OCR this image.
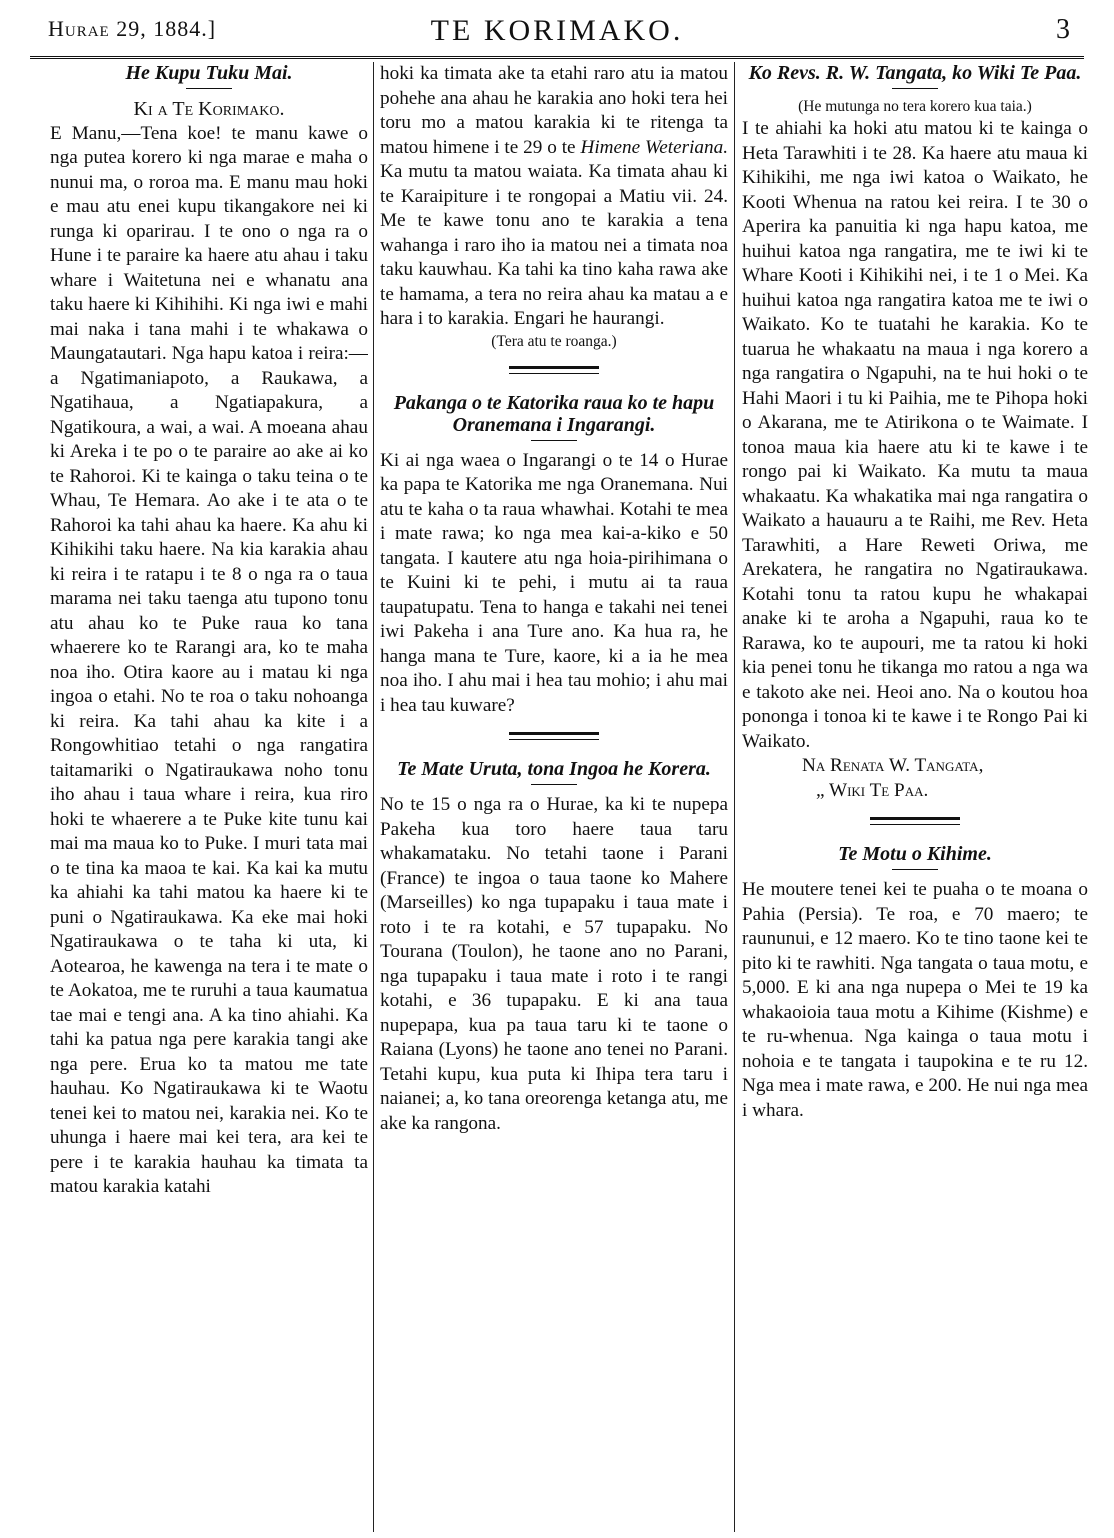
Hurae 29, 1884.]	TE KORIMAKO.	3

He Kupu Tuku Mai.

Ki a Te Korimako.

E Manu,—Tena koe! te manu kawe o nga putea korero ki nga marae e maha o nunui ma, o roroa ma. E manu mau hoki e mau atu enei kupu tikangakore nei ki runga ki oparirau. I te ono o nga ra o Hune i te paraire ka haere atu ahau i taku whare i Waitetuna nei e whanatu ana taku haere ki Kihihihi. Ki nga iwi e mahi mai naka i tana mahi i te whakawa o Maungatautari. Nga hapu katoa i reira:—a Ngatimaniapoto, a Raukawa, a Ngatihaua, a Ngatiapakura, a Ngatikoura, a wai, a wai. A moeana ahau ki Areka i te po o te paraire ao ake ai ko te Rahoroi. Ki te kainga o taku teina o te Whau, Te Hemara. Ao ake i te ata o te Rahoroi ka tahi ahau ka haere. Ka ahu ki Kihikihi taku haere. Na kia karakia ahau ki reira i te ratapu i te 8 o nga ra o taua marama nei taku taenga atu tupono tonu atu ahau ko te Puke raua ko tana whaerere ko te Rarangi ara, ko te maha noa iho. Otira kaore au i matau ki nga ingoa o etahi. No te roa o taku nohoanga ki reira. Ka tahi ahau ka kite i a Rongowhitiao tetahi o nga rangatira taitamariki o Ngatiraukawa noho tonu iho ahau i taua whare i reira, kua riro hoki te whaerere a te Puke kite tunu kai mai ma maua ko to Puke. I muri tata mai o te tina ka maoa te kai. Ka kai ka mutu ka ahiahi ka tahi matou ka haere ki te puni o Ngatiraukawa. Ka eke mai hoki Ngatiraukawa o te taha ki uta, ki Aotearoa, he kawenga na tera i te mate o te Aokatoa, me te ruruhi a taua kaumatua tae mai e tengi ana. A ka tino ahiahi. Ka tahi ka patua nga pere karakia tangi ake nga pere. Erua ko ta matou me tate hauhau. Ko Ngatiraukawa ki te Waotu tenei kei to matou nei, karakia nei. Ko te uhunga i haere mai kei tera, ara kei te pere i te karakia hauhau ka timata ta matou karakia katahi

hoki ka timata ake ta etahi raro atu ia matou pohehe ana ahau he karakia ano hoki tera hei toru mo a matou karakia ki te ritenga ta matou himene i te 29 o te Himene Weteriana. Ka mutu ta matou waiata. Ka timata ahau ki te Karaipiture i te rongopai a Matiu vii. 24. Me te kawe tonu ano te karakia a tena wahanga i raro iho ia matou nei a timata noa taku kauwhau. Ka tahi ka tino kaha rawa ake te hamama, a tera no reira ahau ka matau a e hara i to karakia. Engari he haurangi.

(Tera atu te roanga.)

Pakanga o te Katorika raua ko te hapu Oranemana i Ingarangi.

Ki ai nga waea o Ingarangi o te 14 o Hurae ka papa te Katorika me nga Oranemana. Nui atu te kaha o ta raua whawhai. Kotahi te mea i mate rawa; ko nga mea kai-a-kiko e 50 tangata. I kautere atu nga hoia-pirihimana o te Kuini ki te pehi, i mutu ai ta raua taupatupatu. Tena to hanga e takahi nei tenei iwi Pakeha i ana Ture ano. Ka hua ra, he hanga mana te Ture, kaore, ki a ia he mea noa iho. I ahu mai i hea tau mohio; i ahu mai i hea tau kuware?

Te Mate Uruta, tona Ingoa he Korera.

No te 15 o nga ra o Hurae, ka ki te nupepa Pakeha kua toro haere taua taru whakamataku. No tetahi taone i Parani (France) te ingoa o taua taone ko Mahere (Marseilles) ko nga tupapaku i taua mate i roto i te ra kotahi, e 57 tupapaku. No Tourana (Toulon), he taone ano no Parani, nga tupapaku i taua mate i roto i te rangi kotahi, e 36 tupapaku. E ki ana taua nupepapa, kua pa taua taru ki te taone o Raiana (Lyons) he taone ano tenei no Parani. Tetahi kupu, kua puta ki Ihipa tera taru i naianei; a, ko tana oreorenga ketanga atu, me ake ka rangona.

Ko Revs. R. W. Tangata, ko Wiki Te Paa.

(He mutunga no tera korero kua taia.)

I te ahiahi ka hoki atu matou ki te kainga o Heta Tarawhiti i te 28. Ka haere atu maua ki Kihikihi, me nga iwi katoa o Waikato, he Kooti Whenua na ratou kei reira. I te 30 o Aperira ka panuitia ki nga hapu katoa, me huihui katoa nga rangatira, me te iwi ki te Whare Kooti i Kihikihi nei, i te 1 o Mei. Ka huihui katoa nga rangatira katoa me te iwi o Waikato. Ko te tuatahi he karakia. Ko te tuarua he whakaatu na maua i nga korero a nga rangatira o Ngapuhi, na te hui hoki o te Hahi Maori i tu ki Paihia, me te Pihopa hoki o Akarana, me te Atirikona o te Waimate. I tonoa maua kia haere atu ki te kawe i te rongo pai ki Waikato. Ka mutu ta maua whakaatu. Ka whakatika mai nga rangatira o Waikato a hauauru a te Raihi, me Rev. Heta Tarawhiti, a Hare Reweti Oriwa, me Arekatera, he rangatira no Ngatiraukawa. Kotahi tonu ta ratou kupu he whakapai anake ki te aroha a Ngapuhi, raua ko te Rarawa, ko te aupouri, me ta ratou ki hoki kia penei tonu he tikanga mo ratou a nga wa e takoto ake nei. Heoi ano. Na o koutou hoa pononga i tonoa ki te kawe i te Rongo Pai ki Waikato.

Na Renata W. Tangata,

„ Wiki Te Paa.

Te Motu o Kihime.

He moutere tenei kei te puaha o te moana o Pahia (Persia). Te roa, e 70 maero; te raununui, e 12 maero. Ko te tino taone kei te pito ki te rawhiti. Nga tangata o taua motu, e 5,000. E ki ana nga nupepa o Mei te 19 ka whakaoioia taua motu a Kihime (Kishme) e te ru-whenua. Nga kainga o taua motu i nohoia e te tangata i taupokina e te ru 12. Nga mea i mate rawa, e 200. He nui nga mea i whara.
